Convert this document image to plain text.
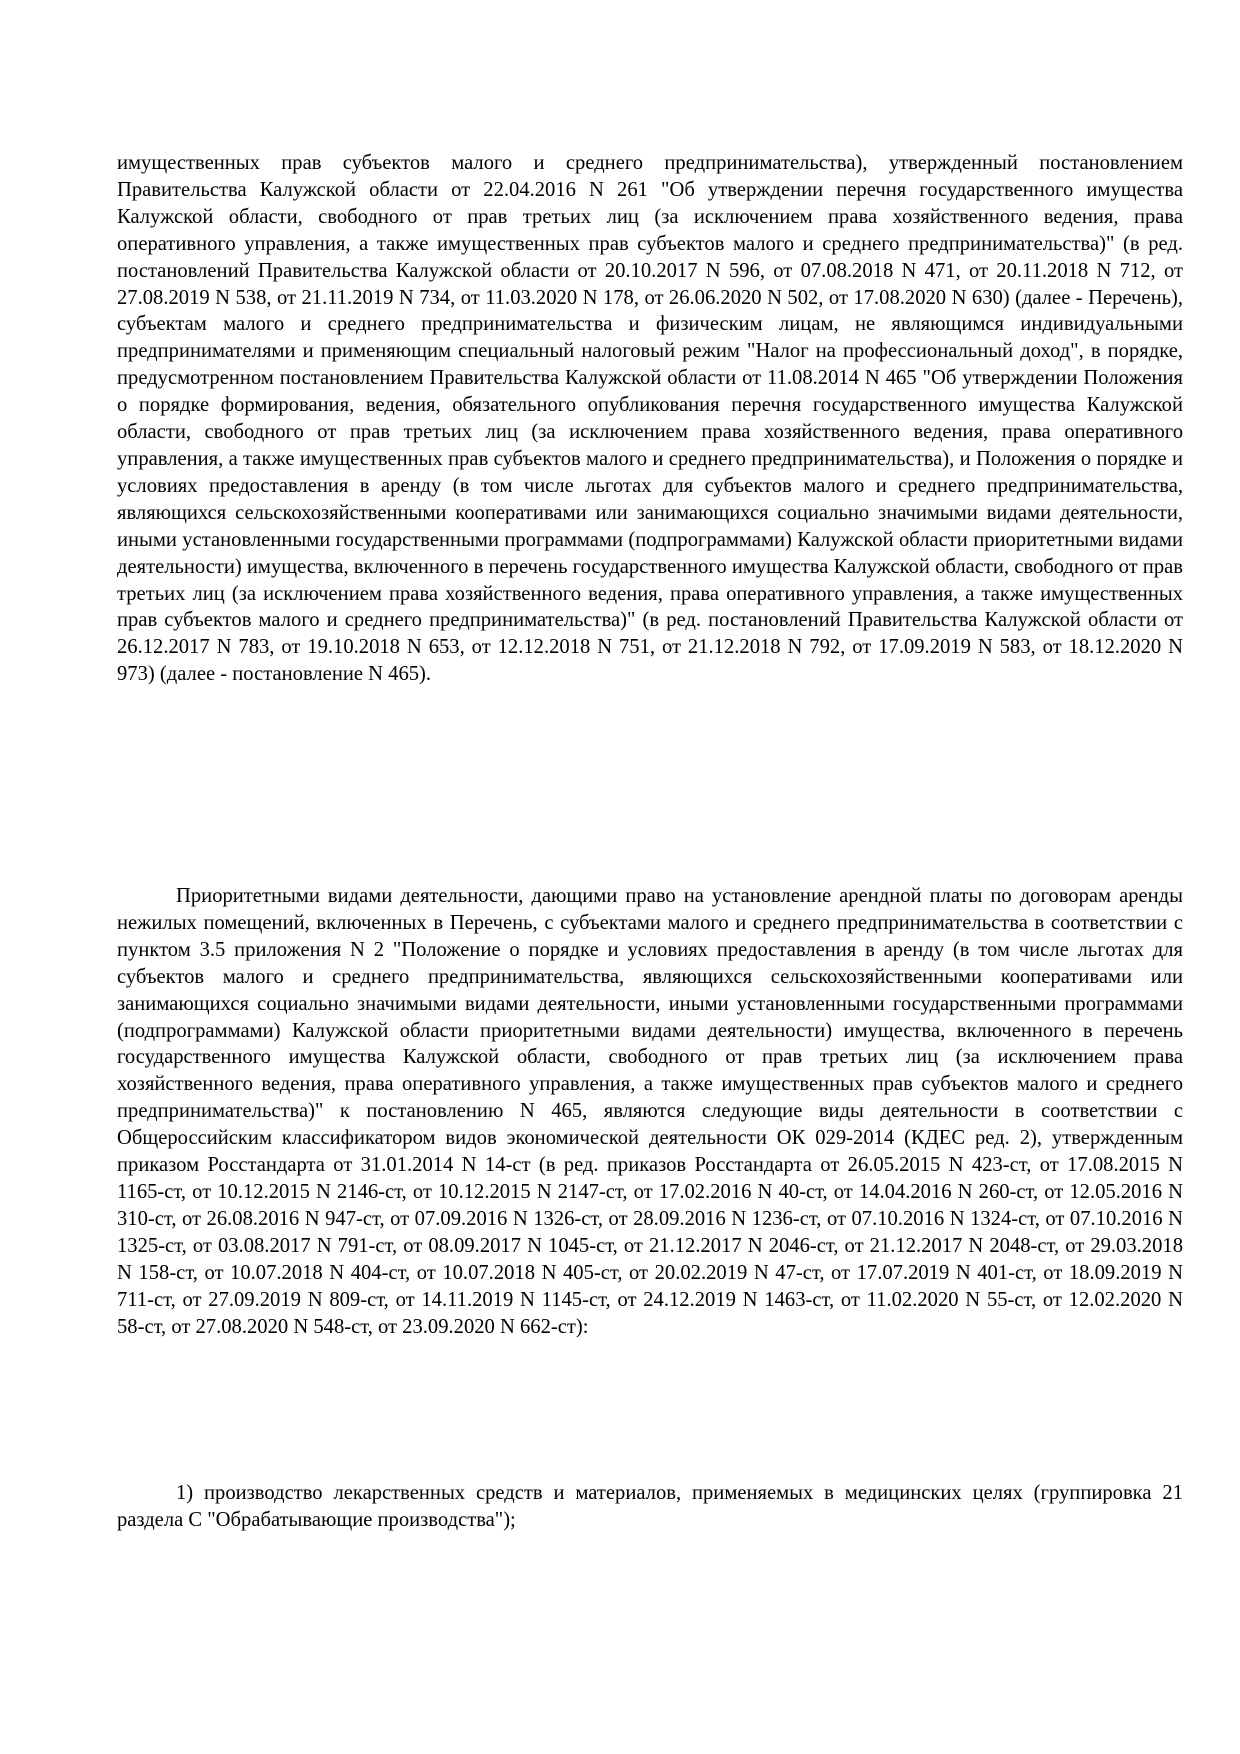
имущественных прав субъектов малого и среднего предпринимательства), утвержденный постановлением Правительства Калужской области от 22.04.2016 N 261 "Об утверждении перечня государственного имущества Калужской области, свободного от прав третьих лиц (за исключением права хозяйственного ведения, права оперативного управления, а также имущественных прав субъектов малого и среднего предпринимательства)" (в ред. постановлений Правительства Калужской области от 20.10.2017 N 596, от 07.08.2018 N 471, от 20.11.2018 N 712, от 27.08.2019 N 538, от 21.11.2019 N 734, от 11.03.2020 N 178, от 26.06.2020 N 502, от 17.08.2020 N 630) (далее - Перечень), субъектам малого и среднего предпринимательства и физическим лицам, не являющимся индивидуальными предпринимателями и применяющим специальный налоговый режим "Налог на профессиональный доход", в порядке, предусмотренном постановлением Правительства Калужской области от 11.08.2014 N 465 "Об утверждении Положения о порядке формирования, ведения, обязательного опубликования перечня государственного имущества Калужской области, свободного от прав третьих лиц (за исключением права хозяйственного ведения, права оперативного управления, а также имущественных прав субъектов малого и среднего предпринимательства), и Положения о порядке и условиях предоставления в аренду (в том числе льготах для субъектов малого и среднего предпринимательства, являющихся сельскохозяйственными кооперативами или занимающихся социально значимыми видами деятельности, иными установленными государственными программами (подпрограммами) Калужской области приоритетными видами деятельности) имущества, включенного в перечень государственного имущества Калужской области, свободного от прав третьих лиц (за исключением права хозяйственного ведения, права оперативного управления, а также имущественных прав субъектов малого и среднего предпринимательства)" (в ред. постановлений Правительства Калужской области от 26.12.2017 N 783, от 19.10.2018 N 653, от 12.12.2018 N 751, от 21.12.2018 N 792, от 17.09.2019 N 583, от 18.12.2020 N 973) (далее - постановление N 465).

Приоритетными видами деятельности, дающими право на установление арендной платы по договорам аренды нежилых помещений, включенных в Перечень, с субъектами малого и среднего предпринимательства в соответствии с пунктом 3.5 приложения N 2 "Положение о порядке и условиях предоставления в аренду (в том числе льготах для субъектов малого и среднего предпринимательства, являющихся сельскохозяйственными кооперативами или занимающихся социально значимыми видами деятельности, иными установленными государственными программами (подпрограммами) Калужской области приоритетными видами деятельности) имущества, включенного в перечень государственного имущества Калужской области, свободного от прав третьих лиц (за исключением права хозяйственного ведения, права оперативного управления, а также имущественных прав субъектов малого и среднего предпринимательства)" к постановлению N 465, являются следующие виды деятельности в соответствии с Общероссийским классификатором видов экономической деятельности ОК 029-2014 (КДЕС ред. 2), утвержденным приказом Росстандарта от 31.01.2014 N 14-ст (в ред. приказов Росстандарта от 26.05.2015 N 423-ст, от 17.08.2015 N 1165-ст, от 10.12.2015 N 2146-ст, от 10.12.2015 N 2147-ст, от 17.02.2016 N 40-ст, от 14.04.2016 N 260-ст, от 12.05.2016 N 310-ст, от 26.08.2016 N 947-ст, от 07.09.2016 N 1326-ст, от 28.09.2016 N 1236-ст, от 07.10.2016 N 1324-ст, от 07.10.2016 N 1325-ст, от 03.08.2017 N 791-ст, от 08.09.2017 N 1045-ст, от 21.12.2017 N 2046-ст, от 21.12.2017 N 2048-ст, от 29.03.2018 N 158-ст, от 10.07.2018 N 404-ст, от 10.07.2018 N 405-ст, от 20.02.2019 N 47-ст, от 17.07.2019 N 401-ст, от 18.09.2019 N 711-ст, от 27.09.2019 N 809-ст, от 14.11.2019 N 1145-ст, от 24.12.2019 N 1463-ст, от 11.02.2020 N 55-ст, от 12.02.2020 N 58-ст, от 27.08.2020 N 548-ст, от 23.09.2020 N 662-ст):

1) производство лекарственных средств и материалов, применяемых в медицинских целях (группировка 21 раздела C "Обрабатывающие производства");
